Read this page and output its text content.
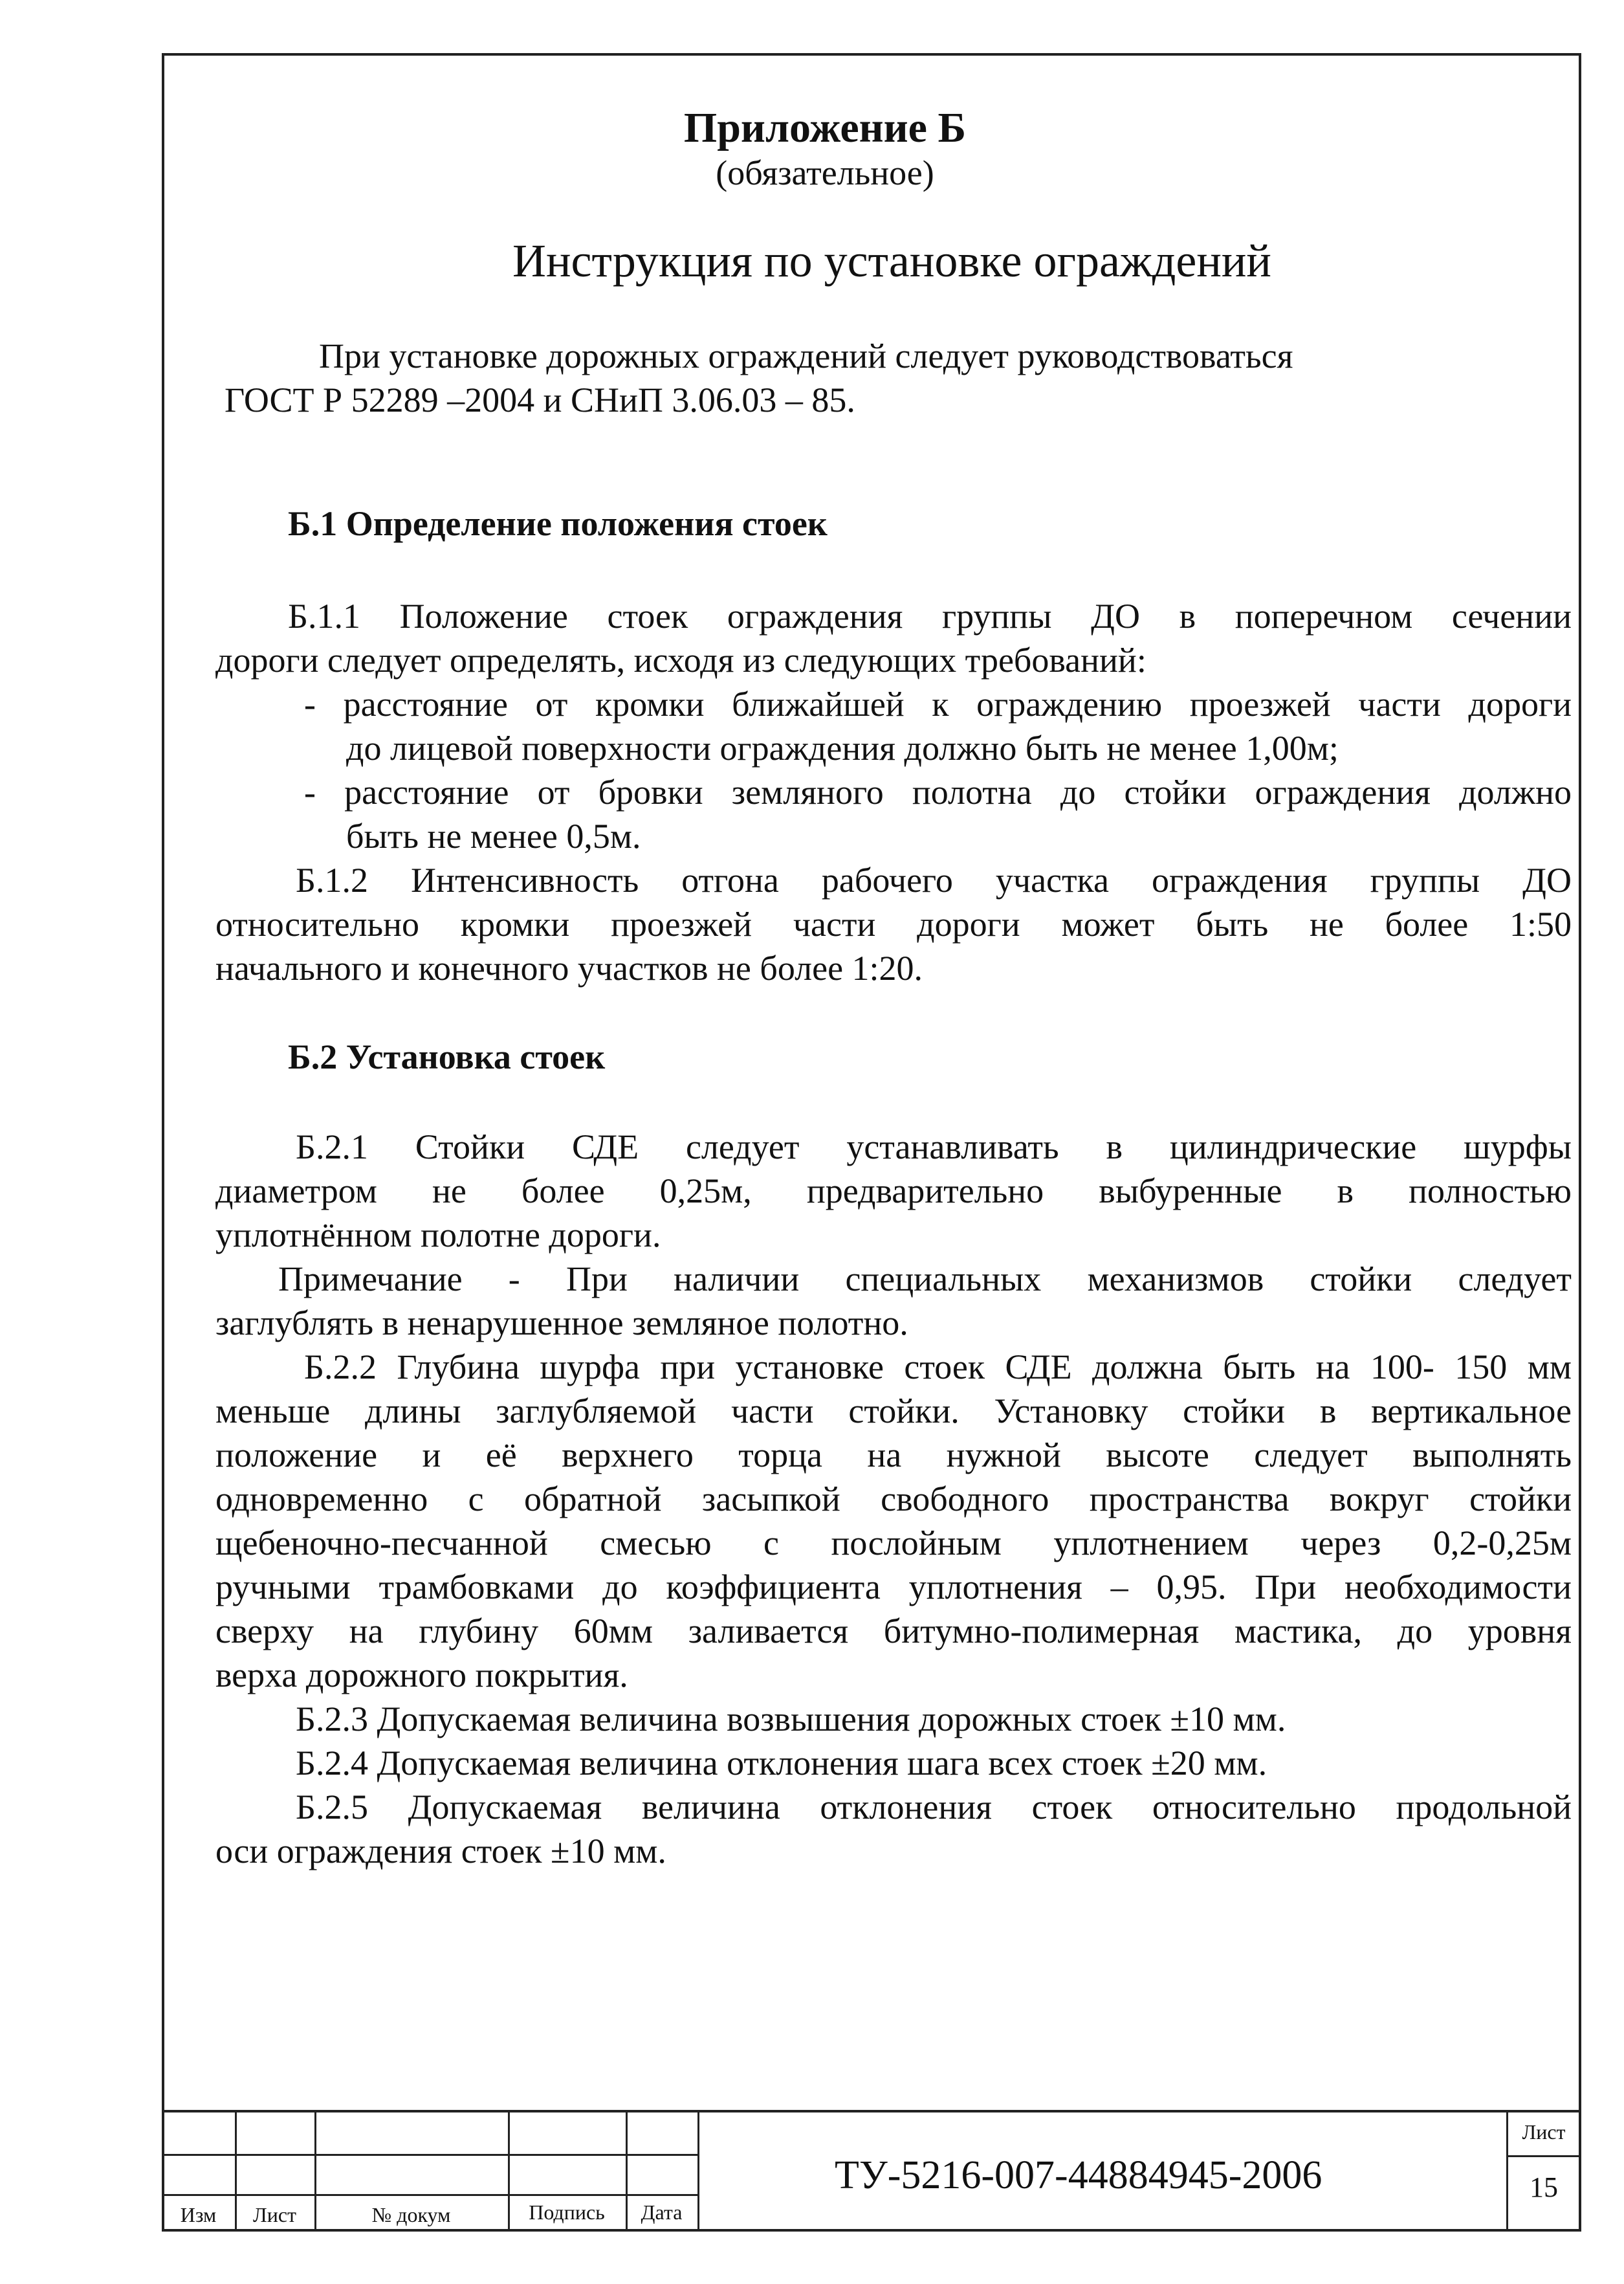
Приложение Б
(обязательное)
Инструкция по установке ограждений
При установке дорожных ограждений следует руководствоваться
ГОСТ Р 52289 –2004 и СНиП 3.06.03 – 85.
Б.1 Определение положения стоек
Б.1.1 Положение стоек ограждения группы ДО в поперечном сечении
дороги следует определять, исходя из следующих требований:
- расстояние от кромки ближайшей к ограждению проезжей части дороги
до лицевой поверхности ограждения должно быть не менее 1,00м;
- расстояние от бровки земляного полотна до стойки ограждения должно
быть не менее 0,5м.
Б.1.2 Интенсивность отгона рабочего участка ограждения группы ДО
относительно кромки проезжей части дороги может быть не более 1:50
начального и конечного участков не более 1:20.
Б.2 Установка стоек
Б.2.1 Стойки СДЕ следует устанавливать в цилиндрические шурфы
диаметром не более 0,25м, предварительно выбуренные в полностью
уплотнённом полотне дороги.
Примечание - При наличии специальных механизмов стойки следует
заглублять в ненарушенное земляное полотно.
Б.2.2 Глубина шурфа при установке стоек СДЕ должна быть на 100- 150 мм
меньше длины заглубляемой части стойки. Установку стойки в вертикальное
положение и её верхнего торца на нужной высоте следует выполнять
одновременно с обратной засыпкой свободного пространства вокруг стойки
щебеночно-песчанной смесью с послойным уплотнением через 0,2-0,25м
ручными трамбовками до коэффициента уплотнения – 0,95. При необходимости
сверху на глубину 60мм заливается битумно-полимерная мастика, до уровня
верха дорожного покрытия.
Б.2.3 Допускаемая величина возвышения дорожных стоек ±10 мм.
Б.2.4 Допускаемая величина отклонения шага всех стоек ±20 мм.
Б.2.5 Допускаемая величина отклонения стоек относительно продольной
оси ограждения стоек ±10 мм.
Изм	Лист	№ докум	Подпись	Дата
ТУ-5216-007-44884945-2006
Лист
15
